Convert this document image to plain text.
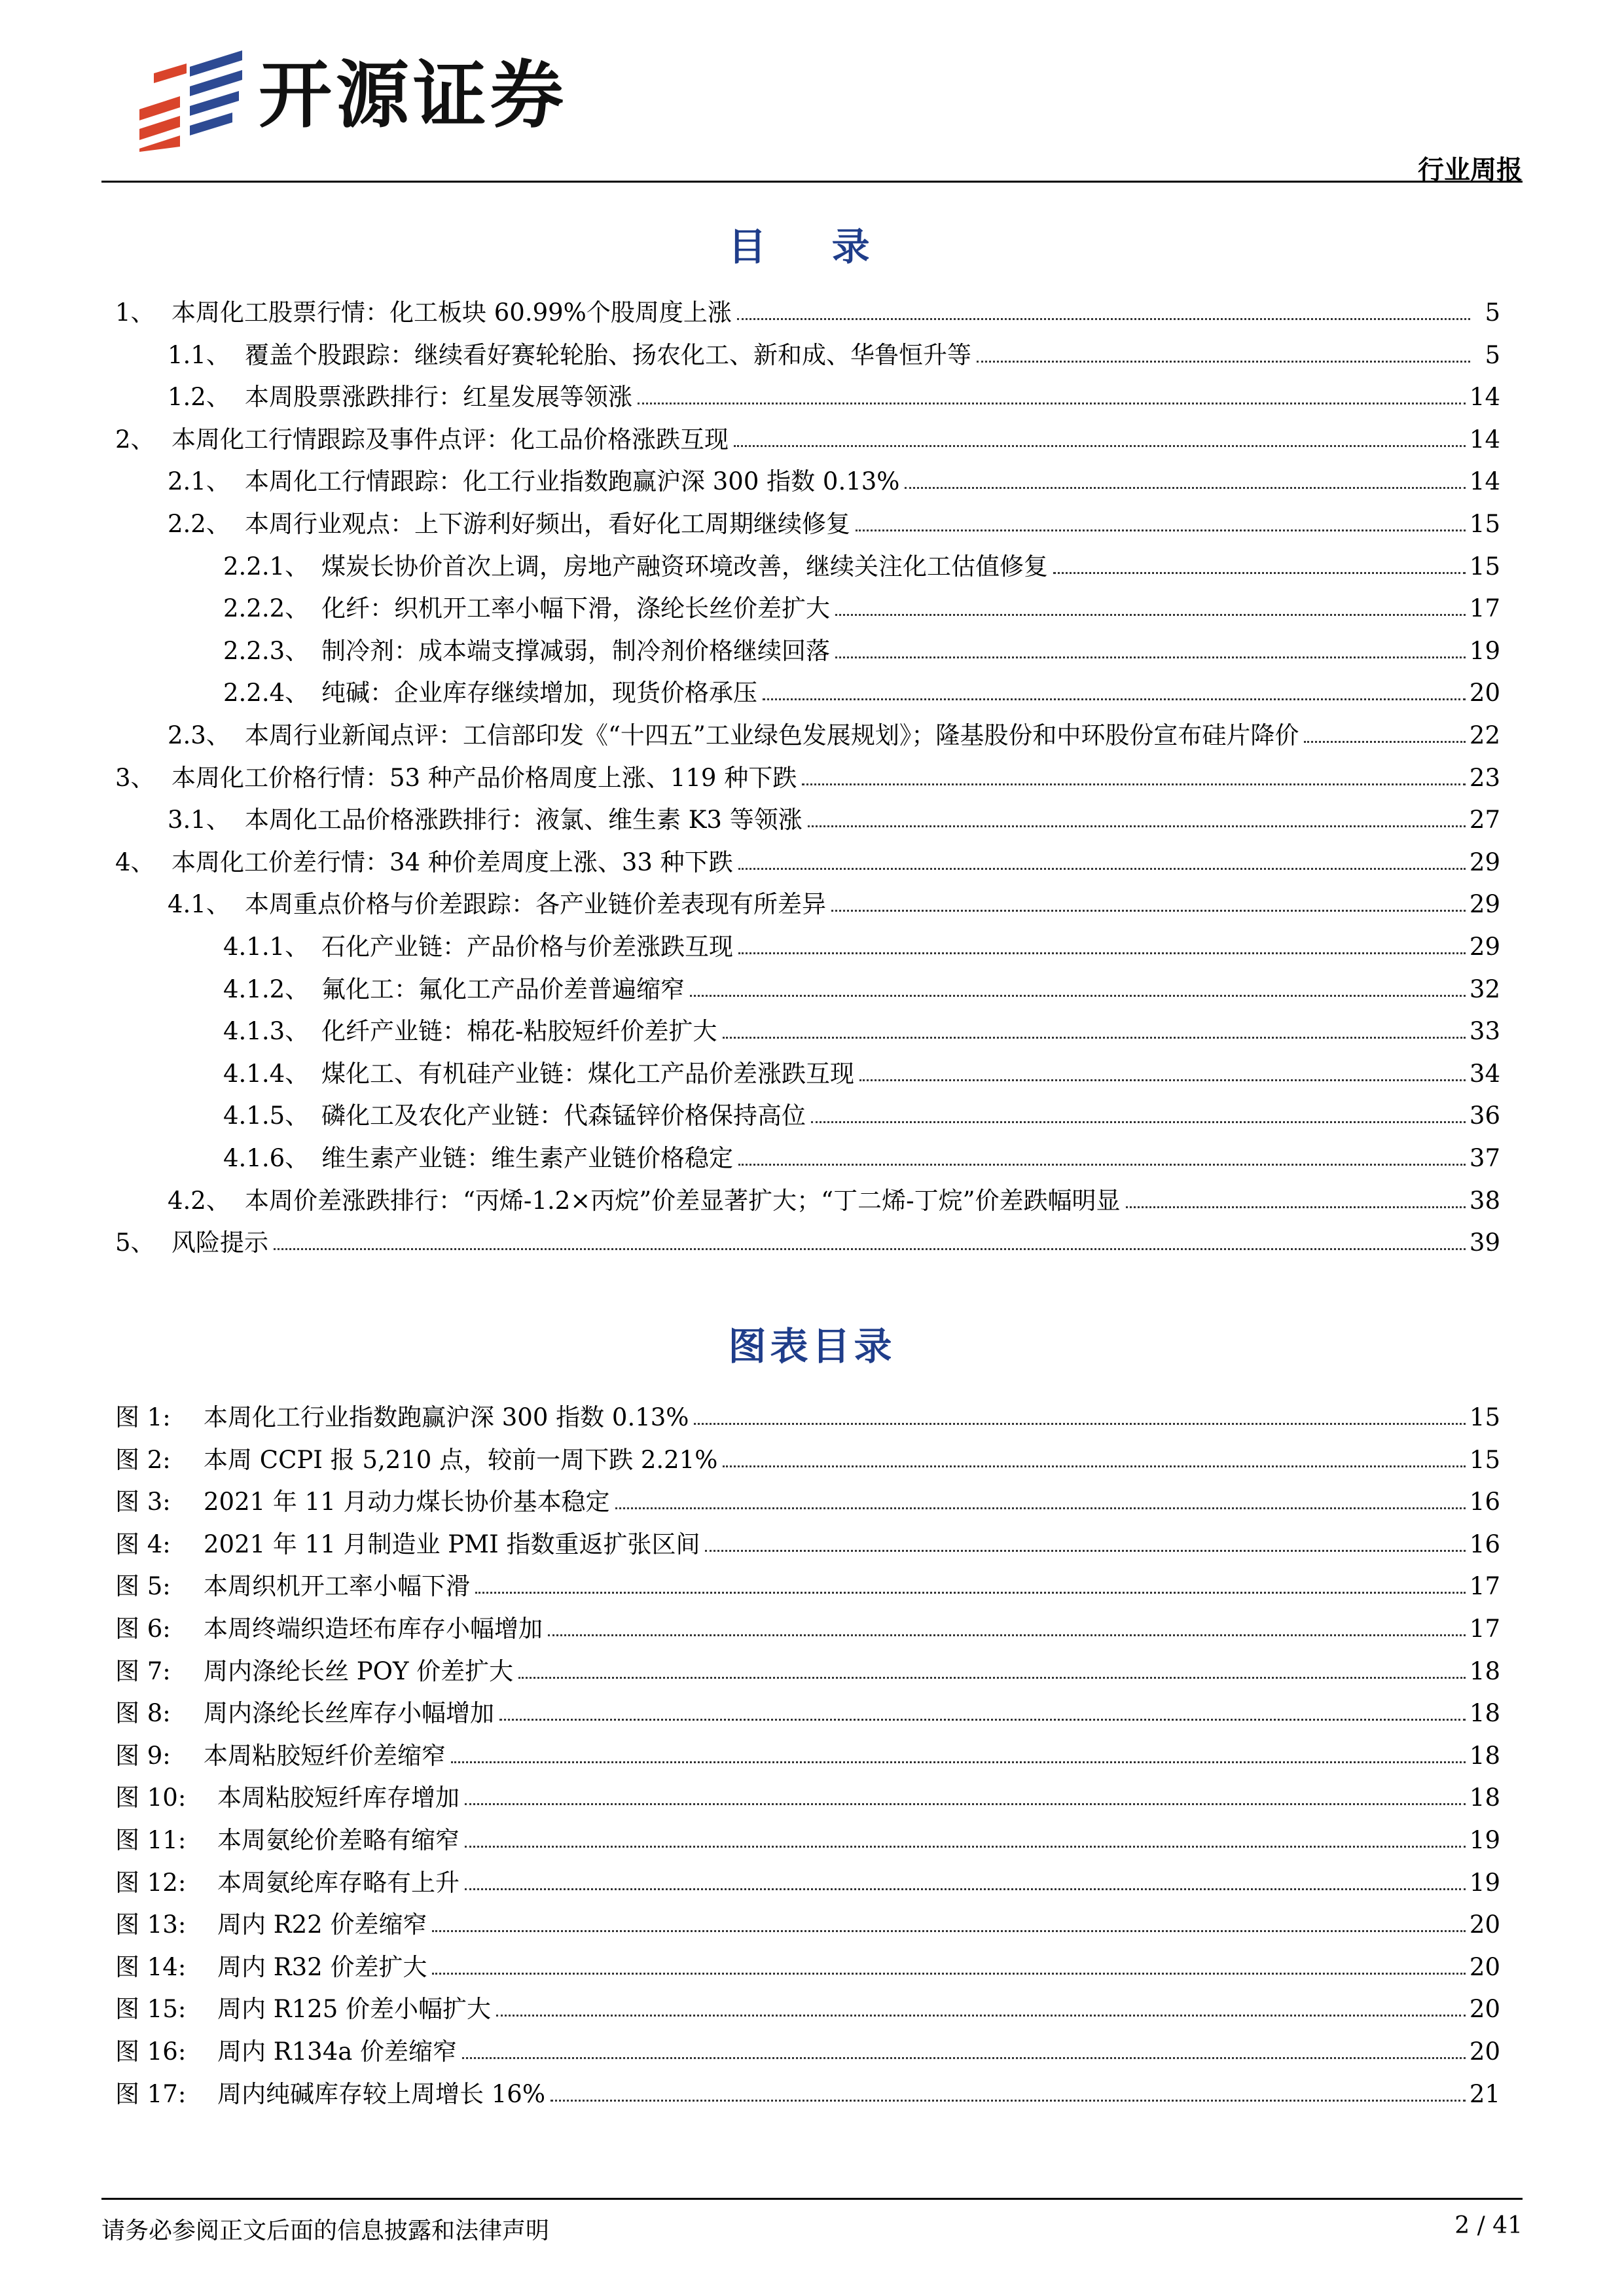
开源证券
行业周报
目 录
1、 本周化工股票行情：化工板块 60.99%个股周度上涨	5
1.1、 覆盖个股跟踪：继续看好赛轮轮胎、扬农化工、新和成、华鲁恒升等	5
1.2、 本周股票涨跌排行：红星发展等领涨	14
2、 本周化工行情跟踪及事件点评：化工品价格涨跌互现	14
2.1、 本周化工行情跟踪：化工行业指数跑赢沪深 300 指数 0.13%	14
2.2、 本周行业观点：上下游利好频出，看好化工周期继续修复	15
2.2.1、 煤炭长协价首次上调，房地产融资环境改善，继续关注化工估值修复	15
2.2.2、 化纤：织机开工率小幅下滑，涤纶长丝价差扩大	17
2.2.3、 制冷剂：成本端支撑减弱，制冷剂价格继续回落	19
2.2.4、 纯碱：企业库存继续增加，现货价格承压	20
2.3、 本周行业新闻点评：工信部印发《“十四五”工业绿色发展规划》；隆基股份和中环股份宣布硅片降价	22
3、 本周化工价格行情：53 种产品价格周度上涨、119 种下跌	23
3.1、 本周化工品价格涨跌排行：液氯、维生素 K3 等领涨	27
4、 本周化工价差行情：34 种价差周度上涨、33 种下跌	29
4.1、 本周重点价格与价差跟踪：各产业链价差表现有所差异	29
4.1.1、 石化产业链：产品价格与价差涨跌互现	29
4.1.2、 氟化工：氟化工产品价差普遍缩窄	32
4.1.3、 化纤产业链：棉花-粘胶短纤价差扩大	33
4.1.4、 煤化工、有机硅产业链：煤化工产品价差涨跌互现	34
4.1.5、 磷化工及农化产业链：代森锰锌价格保持高位	36
4.1.6、 维生素产业链：维生素产业链价格稳定	37
4.2、 本周价差涨跌排行：“丙烯-1.2×丙烷”价差显著扩大；“丁二烯-丁烷”价差跌幅明显	38
5、 风险提示	39
图表目录
图 1:	本周化工行业指数跑赢沪深 300 指数 0.13%	15
图 2:	本周 CCPI 报 5,210 点，较前一周下跌 2.21%	15
图 3:	2021 年 11 月动力煤长协价基本稳定	16
图 4:	2021 年 11 月制造业 PMI 指数重返扩张区间	16
图 5:	本周织机开工率小幅下滑	17
图 6:	本周终端织造坯布库存小幅增加	17
图 7:	周内涤纶长丝 POY 价差扩大	18
图 8:	周内涤纶长丝库存小幅增加	18
图 9:	本周粘胶短纤价差缩窄	18
图 10:	本周粘胶短纤库存增加	18
图 11:	本周氨纶价差略有缩窄	19
图 12:	本周氨纶库存略有上升	19
图 13:	周内 R22 价差缩窄	20
图 14:	周内 R32 价差扩大	20
图 15:	周内 R125 价差小幅扩大	20
图 16:	周内 R134a 价差缩窄	20
图 17:	周内纯碱库存较上周增长 16%	21
请务必参阅正文后面的信息披露和法律声明	2 / 41
